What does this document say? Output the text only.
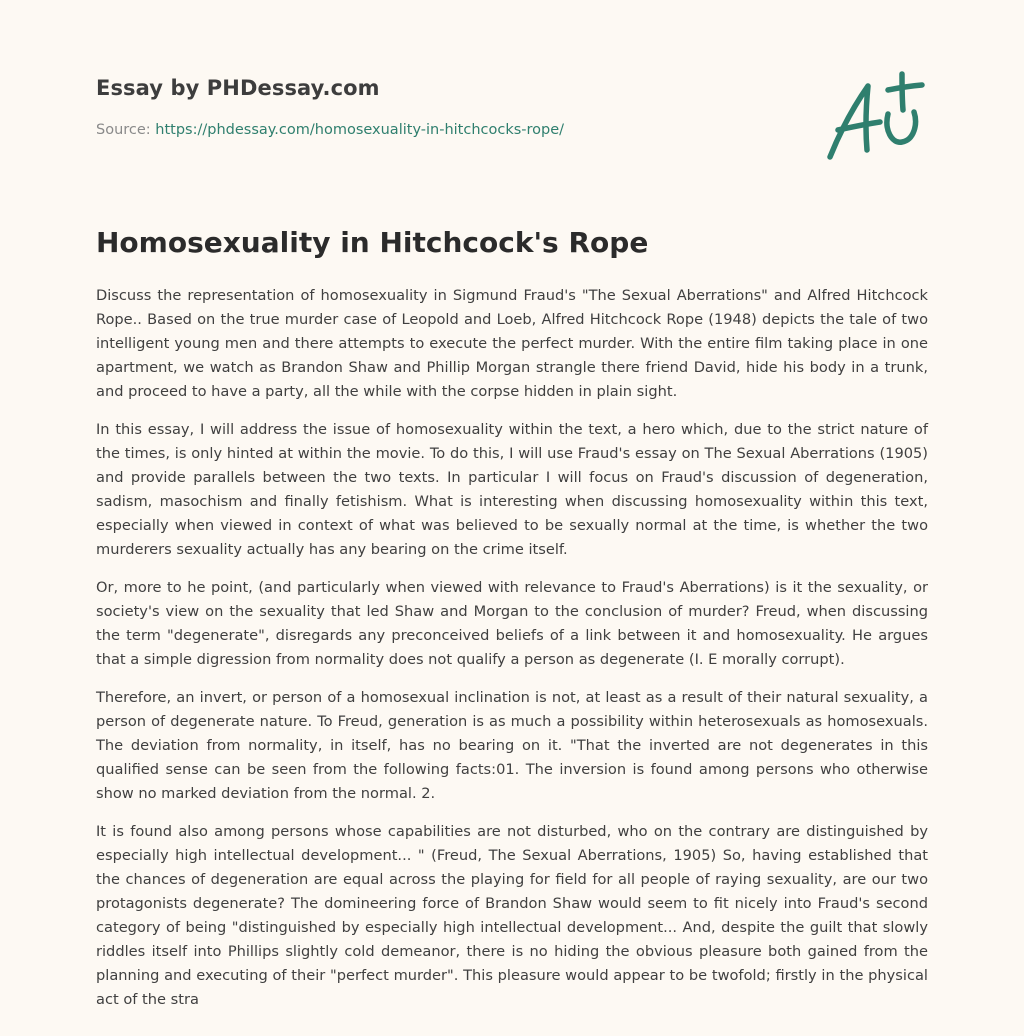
Essay by PHDessay.com
Source: https://phdessay.com/homosexuality-in-hitchcocks-rope/
Homosexuality in Hitchcock's Rope

Discuss the representation of homosexuality in Sigmund Fraud's "The Sexual Aberrations" and Alfred Hitchcock Rope.. Based on the true murder case of Leopold and Loeb, Alfred Hitchcock Rope (1948) depicts the tale of two intelligent young men and there attempts to execute the perfect murder. With the entire film taking place in one apartment, we watch as Brandon Shaw and Phillip Morgan strangle there friend David, hide his body in a trunk, and proceed to have a party, all the while with the corpse hidden in plain sight.

In this essay, I will address the issue of homosexuality within the text, a hero which, due to the strict nature of the times, is only hinted at within the movie. To do this, I will use Fraud's essay on The Sexual Aberrations (1905) and provide parallels between the two texts. In particular I will focus on Fraud's discussion of degeneration, sadism, masochism and finally fetishism. What is interesting when discussing homosexuality within this text, especially when viewed in context of what was believed to be sexually normal at the time, is whether the two murderers sexuality actually has any bearing on the crime itself.

Or, more to he point, (and particularly when viewed with relevance to Fraud's Aberrations) is it the sexuality, or society's view on the sexuality that led Shaw and Morgan to the conclusion of murder? Freud, when discussing the term "degenerate", disregards any preconceived beliefs of a link between it and homosexuality. He argues that a simple digression from normality does not qualify a person as degenerate (I. E morally corrupt).

Therefore, an invert, or person of a homosexual inclination is not, at least as a result of their natural sexuality, a person of degenerate nature. To Freud, generation is as much a possibility within heterosexuals as homosexuals. The deviation from normality, in itself, has no bearing on it. "That the inverted are not degenerates in this qualified sense can be seen from the following facts:01. The inversion is found among persons who otherwise show no marked deviation from the normal. 2.

It is found also among persons whose capabilities are not disturbed, who on the contrary are distinguished by especially high intellectual development... " (Freud, The Sexual Aberrations, 1905) So, having established that the chances of degeneration are equal across the playing for field for all people of raying sexuality, are our two protagonists degenerate? The domineering force of Brandon Shaw would seem to fit nicely into Fraud's second category of being "distinguished by especially high intellectual development... And, despite the guilt that slowly riddles itself into Phillips slightly cold demeanor, there is no hiding the obvious pleasure both gained from the planning and executing of their "perfect murder". This pleasure would appear to be twofold; firstly in the physical act of the stra
